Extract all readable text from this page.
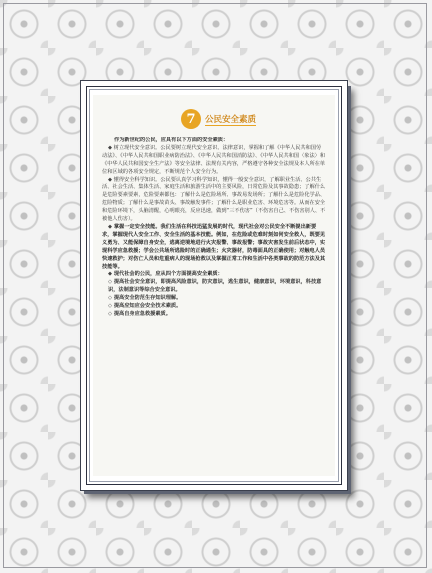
7	公民安全素质

作为新世纪的公民，应具有以下方面的安全素质：

◆ 树立现代安全意识。公民要树立现代安全意识、法律意识，掌握和了解《中华人民共和国劳动法》、《中华人民共和国职业病防治法》、《中华人民共和国消防法》、《中华人民共和国〈象法〉和《中华人民共和国安全生产法》等安全法律、法规有关内容，严格遵守各种安全法规及本人所在单位和区域的各项安全规定，不断规范个人安全行为。

◆ 懂得安全科学知识。公民要认真学习科学知识，懂得一般安全意识，了解职业生活、公共生活、社会生活、集体生活、家庭生活和旅游生活中的主要风险，日常危险及其事故隐患；了解什么是危险要素要素，危险要素都包：了解什么是危险场所、事故易发场所；了解什么是危险化学品、危险物质；了解什么是事故苗头、事故触发事件；了解什么是职业危害、环境危害等。从而在安全和危险环境下，头脑清醒，心明眼亮，反应迅速，做到“三不伤害”（不伤害自己、不伤害别人、不被他人伤害）。

◆ 掌握一定安全技能。我们生活在科技迅猛发展的时代，现代社会对公民安全不断提出新要求，掌握现代人安全工作、安全生活的基本技能。例如，在危险或危难时刻如何安全救人，既要见义勇为、又能保障自身安全，逃离逆境地进行火灾报警、事故报警；事故灾害发生前后状态中，实现科学应急救援；学会公共场所逃险时的正确通生；火灾器材，防毒面具的正确使用；对触电人员快速救护；对伤亡人员和危重病人的现场抢救以及掌握正常工作和生活中各类事故的防范方法及其技能等。

◆ 现代社会的公民，应从四个方面提高安全素质：

◇ 提高社会安全意识，即提高风险意识，防灾意识，逃生意识，健康意识，环境意识，科技意识，法制意识等综合安全意识。

◇ 提高安全防范生存知识理解。

◇ 提高应知应会安全技术素质。

◇ 提高自身应急救援素质。
